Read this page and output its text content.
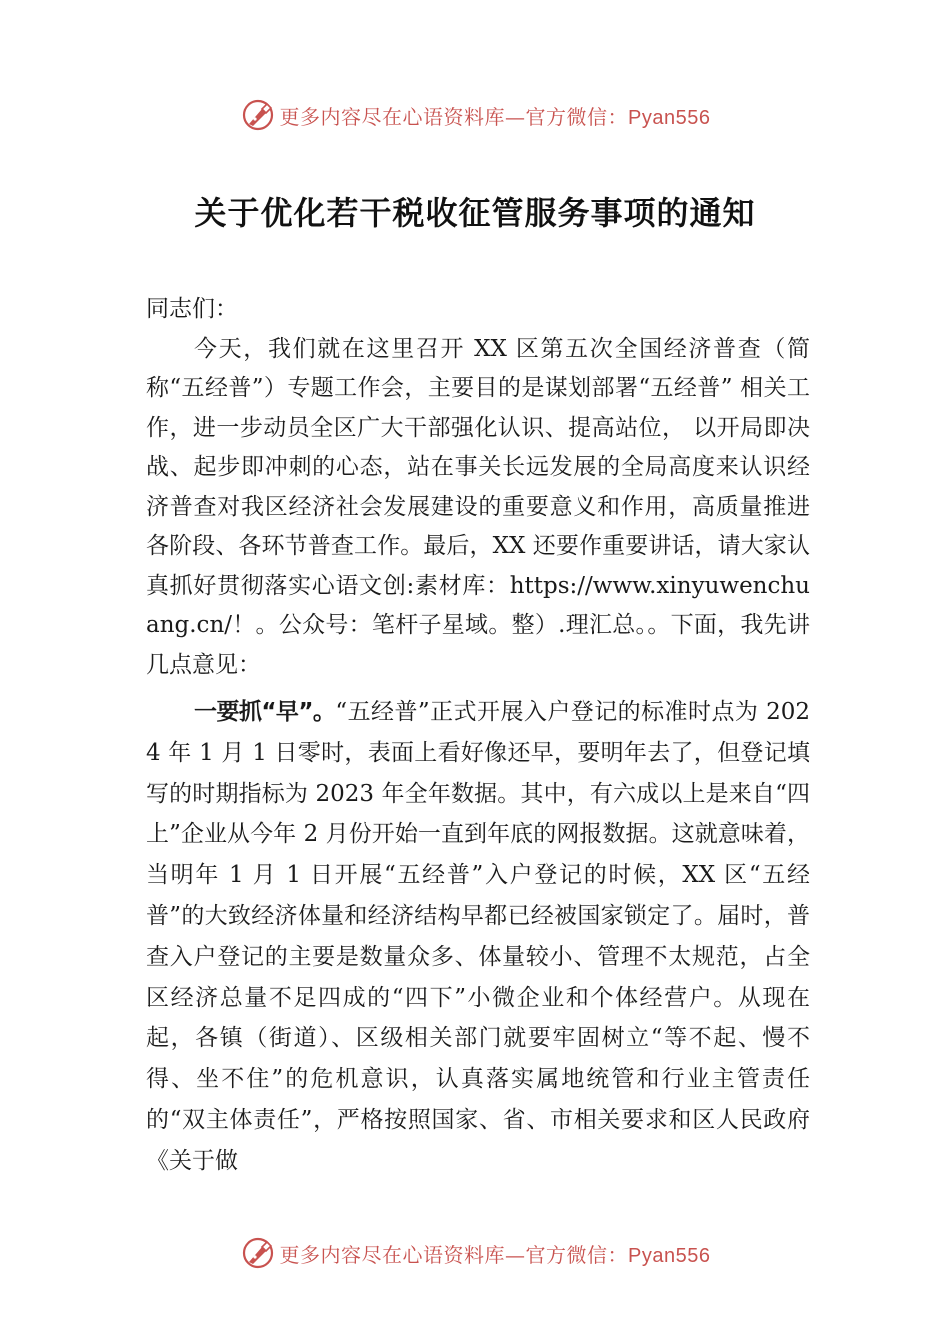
更多内容尽在心语资料库—官方微信：Pyan556
关于优化若干税收征管服务事项的通知

同志们：

今天，我们就在这里召开 XX 区第五次全国经济普查（简称“五经普”）专题工作会，主要目的是谋划部署“五经普” 相关工作，进一步动员全区广大干部强化认识、提高站位， 以开局即决战、起步即冲刺的心态，站在事关长远发展的全局高度来认识经济普查对我区经济社会发展建设的重要意义和作用，高质量推进各阶段、各环节普查工作。最后，XX 还要作重要讲话，请大家认真抓好贯彻落实心语文创:素材库：https://www.xinyuwenchuang.cn/！。公众号：笔杆子星域。整）.理汇总。。下面，我先讲几点意见：

一要抓“早”。“五经普”正式开展入户登记的标准时点为 2024 年 1 月 1 日零时，表面上看好像还早，要明年去了，但登记填写的时期指标为 2023 年全年数据。其中，有六成以上是来自“四上”企业从今年 2 月份开始一直到年底的网报数据。这就意味着，当明年 1 月 1 日开展“五经普”入户登记的时候，XX 区“五经普”的大致经济体量和经济结构早都已经被国家锁定了。届时，普查入户登记的主要是数量众多、体量较小、管理不太规范，占全区经济总量不足四成的“四下”小微企业和个体经营户。从现在起，各镇（街道）、区级相关部门就要牢固树立“等不起、慢不得、坐不住”的危机意识，认真落实属地统管和行业主管责任的“双主体责任”，严格按照国家、省、市相关要求和区人民政府《关于做

更多内容尽在心语资料库—官方微信：Pyan556
